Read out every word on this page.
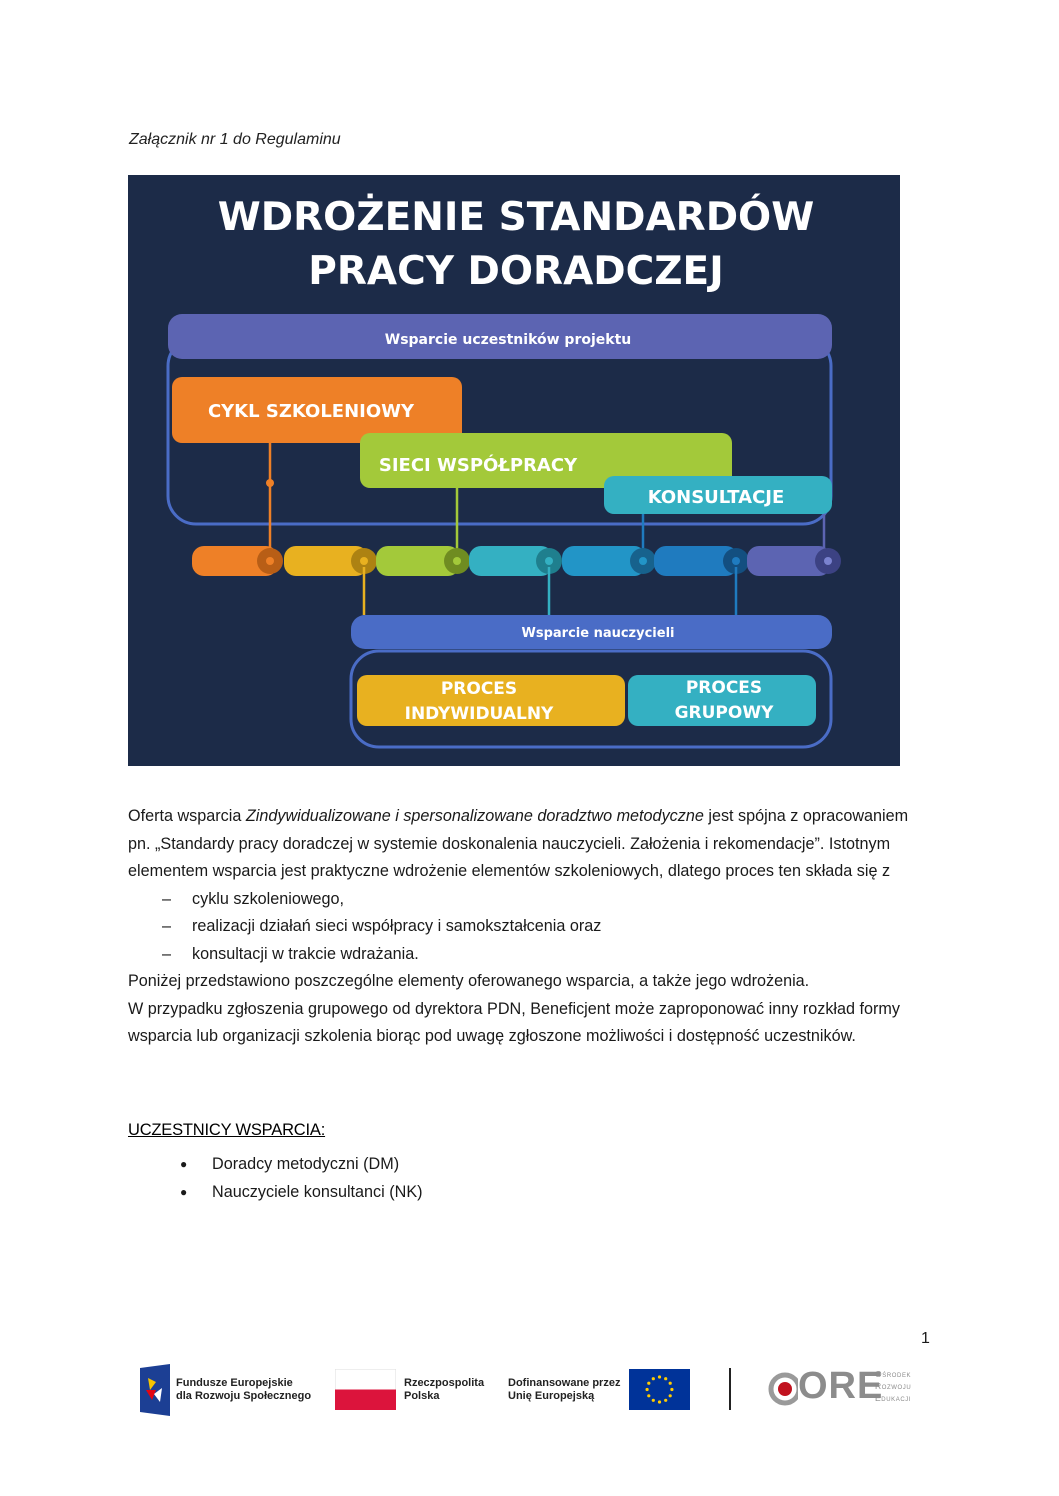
Załącznik nr 1 do Regulaminu
WDROŻENIE STANDARDÓW
PRACY DORADCZEJ
Wsparcie uczestników projektu
CYKL SZKOLENIOWY
SIECI WSPÓŁPRACY
KONSULTACJE
Wsparcie nauczycieli
PROCES
INDYWIDUALNY
PROCES
GRUPOWY

Oferta wsparcia Zindywidualizowane i spersonalizowane doradztwo metodyczne jest spójna z opracowaniem pn. „Standardy pracy doradczej w systemie doskonalenia nauczycieli. Założenia i rekomendacje”. Istotnym elementem wsparcia jest praktyczne wdrożenie elementów szkoleniowych, dlatego proces ten składa się z

– cyklu szkoleniowego,
– realizacji działań sieci współpracy i samokształcenia oraz
– konsultacji w trakcie wdrażania.

Poniżej przedstawiono poszczególne elementy oferowanego wsparcia, a także jego wdrożenia.

W przypadku zgłoszenia grupowego od dyrektora PDN, Beneficjent może zaproponować inny rozkład formy wsparcia lub organizacji szkolenia biorąc pod uwagę zgłoszone możliwości i dostępność uczestników.

UCZESTNICY WSPARCIA:
● Doradcy metodyczni (DM)
● Nauczyciele konsultanci (NK)
1
Fundusze Europejskie
dla Rozwoju Społecznego
Rzeczpospolita
Polska
Dofinansowane przez
Unię Europejską	ORE
Ośrodek
Rozwoju
Edukacji
